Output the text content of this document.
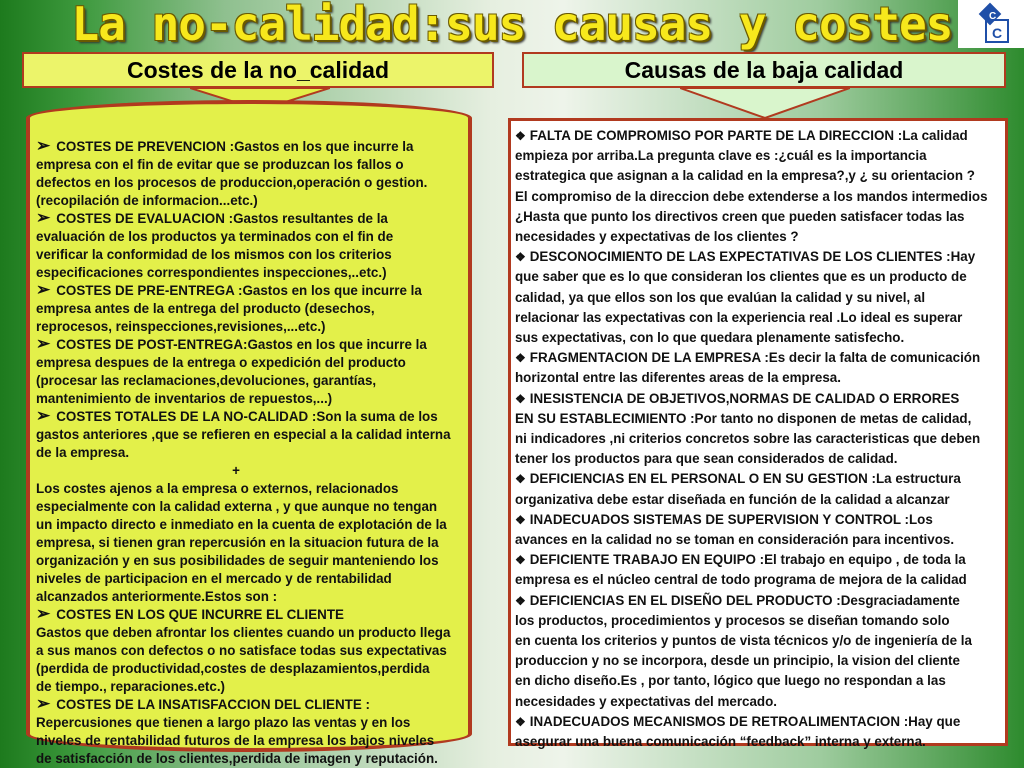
La no-calidad:sus causas y costes	C
C
Costes de la no_calidad	Causas de la baja calidad

➢ COSTES DE PREVENCION :Gastos en los que incurre la

empresa con el fin de evitar que se produzcan los fallos o

defectos en los procesos de produccion,operación o gestion.

(recopilación de informacion...etc.)

➢ COSTES DE EVALUACION :Gastos resultantes de la

evaluación de los productos ya terminados con el fin de

verificar la conformidad de los mismos con los criterios

especificaciones correspondientes inspecciones,..etc.)

➢ COSTES DE PRE-ENTREGA :Gastos en los que incurre la

empresa antes de la entrega del producto (desechos,

reprocesos, reinspecciones,revisiones,...etc.)

➢ COSTES DE POST-ENTREGA:Gastos en los que incurre la

empresa despues de la entrega o expedición del producto

(procesar las reclamaciones,devoluciones, garantías,

mantenimiento de inventarios de repuestos,...)

➢ COSTES TOTALES DE LA NO-CALIDAD :Son la suma de los

gastos anteriores ,que se refieren en especial a la calidad interna

de la empresa.

+

Los costes ajenos a la empresa o externos, relacionados

especialmente con la calidad externa , y que aunque no tengan

un impacto directo e inmediato en la cuenta de explotación de la

empresa, si tienen gran repercusión en la situacion futura de la

organización y en sus posibilidades de seguir manteniendo los

niveles de participacion en el mercado y de rentabilidad

alcanzados anteriormente.Estos son :

➢ COSTES EN LOS QUE INCURRE EL CLIENTE

Gastos que deben afrontar los clientes cuando un producto llega

a sus manos con defectos o no satisface todas sus expectativas

(perdida de productividad,costes de desplazamientos,perdida

de tiempo., reparaciones.etc.)

➢ COSTES DE LA INSATISFACCION DEL CLIENTE :

Repercusiones que tienen a largo plazo las ventas y en los

niveles de rentabilidad futuros de la empresa los bajos niveles

de satisfacción de los clientes,perdida de imagen y reputación.

❖ FALTA DE COMPROMISO POR PARTE DE LA DIRECCION :La calidad

empieza por arriba.La pregunta clave es :¿cuál es la importancia

estrategica que asignan a la calidad en la empresa?,y ¿ su orientacion ?

El compromiso de la direccion debe extenderse a los mandos intermedios

¿Hasta que punto los directivos creen que pueden satisfacer todas las

necesidades y expectativas de los clientes ?

❖ DESCONOCIMIENTO DE LAS EXPECTATIVAS DE LOS CLIENTES :Hay

que saber que es lo que consideran los clientes que es un producto de

calidad, ya que ellos son los que evalúan la calidad y su nivel, al

relacionar las expectativas con la experiencia real .Lo ideal es superar

sus expectativas, con lo que quedara plenamente satisfecho.

❖ FRAGMENTACION DE LA EMPRESA :Es decir la falta de comunicación

horizontal entre las diferentes areas de la empresa.

❖ INESISTENCIA DE OBJETIVOS,NORMAS DE CALIDAD O ERRORES

EN SU ESTABLECIMIENTO :Por tanto no disponen de metas de calidad,

ni indicadores ,ni criterios concretos sobre las caracteristicas que deben

tener los productos para que sean considerados de calidad.

❖ DEFICIENCIAS EN EL PERSONAL O EN SU GESTION :La estructura

organizativa debe estar diseñada en función de la calidad a alcanzar

❖ INADECUADOS SISTEMAS DE SUPERVISION Y CONTROL :Los

avances en la calidad no se toman en consideración para incentivos.

❖ DEFICIENTE TRABAJO EN EQUIPO :El trabajo en equipo , de toda la

empresa es el núcleo central de todo programa de mejora de la calidad

❖ DEFICIENCIAS EN EL DISEÑO DEL PRODUCTO :Desgraciadamente

los productos, procedimientos y procesos se diseñan tomando solo

en cuenta los criterios y puntos de vista técnicos y/o de ingeniería de la

produccion y no se incorpora, desde un principio, la vision del cliente

en dicho diseño.Es , por tanto, lógico que luego no respondan a las

necesidades y expectativas del mercado.

❖ INADECUADOS MECANISMOS DE RETROALIMENTACION :Hay que

asegurar una buena comunicación “feedback” interna y externa.
